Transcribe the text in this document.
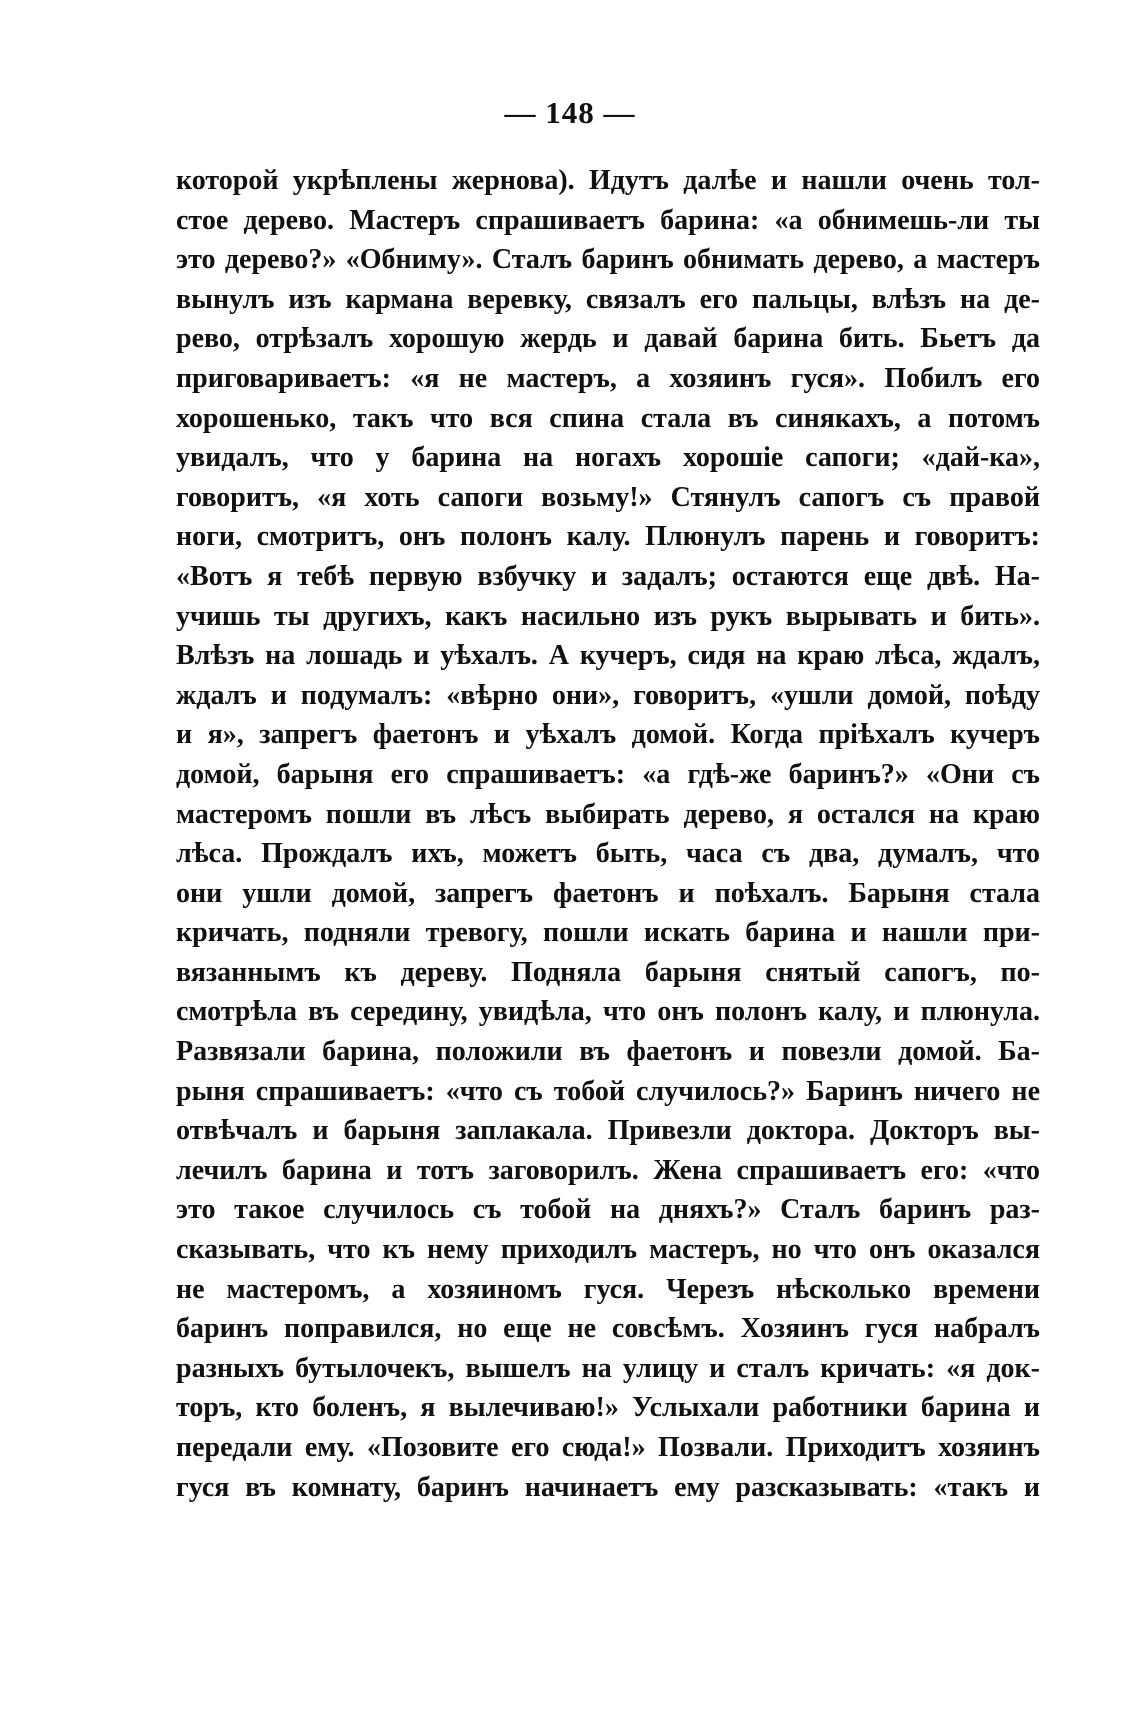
— 148 —
которой укрѣплены жернова). Идутъ далѣе и нашли очень тол-
стое дерево. Мастеръ спрашиваетъ барина: «а обнимешь-ли ты
это дерево?» «Обниму». Сталъ баринъ обнимать дерево, а мастеръ
вынулъ изъ кармана веревку, связалъ его пальцы, влѣзъ на де-
рево, отрѣзалъ хорошую жердь и давай барина бить. Бьетъ да
приговариваетъ: «я не мастеръ, а хозяинъ гуся». Побилъ его
хорошенько, такъ что вся спина стала въ синякахъ, а потомъ
увидалъ, что у барина на ногахъ хорошіе сапоги; «дай-ка»,
говоритъ, «я хоть сапоги возьму!» Стянулъ сапогъ съ правой
ноги, смотритъ, онъ полонъ калу. Плюнулъ парень и говоритъ:
«Вотъ я тебѣ первую взбучку и задалъ; остаются еще двѣ. На-
учишь ты другихъ, какъ насильно изъ рукъ вырывать и бить».
Влѣзъ на лошадь и уѣхалъ. А кучеръ, сидя на краю лѣса, ждалъ,
ждалъ и подумалъ: «вѣрно они», говоритъ, «ушли домой, поѣду
и я», запрегъ фаетонъ и уѣхалъ домой. Когда пріѣхалъ кучеръ
домой, барыня его спрашиваетъ: «а гдѣ-же баринъ?» «Они съ
мастеромъ пошли въ лѣсъ выбирать дерево, я остался на краю
лѣса. Прождалъ ихъ, можетъ быть, часа съ два, думалъ, что
они ушли домой, запрегъ фаетонъ и поѣхалъ. Барыня стала
кричать, подняли тревогу, пошли искать барина и нашли при-
вязаннымъ къ дереву. Подняла барыня снятый сапогъ, по-
смотрѣла въ середину, увидѣла, что онъ полонъ калу, и плюнула.
Развязали барина, положили въ фаетонъ и повезли домой. Ба-
рыня спрашиваетъ: «что съ тобой случилось?» Баринъ ничего не
отвѣчалъ и барыня заплакала. Привезли доктора. Докторъ вы-
лечилъ барина и тотъ заговорилъ. Жена спрашиваетъ его: «что
это такое случилось съ тобой на дняхъ?» Сталъ баринъ раз-
сказывать, что къ нему приходилъ мастеръ, но что онъ оказался
не мастеромъ, а хозяиномъ гуся. Черезъ нѣсколько времени
баринъ поправился, но еще не совсѣмъ. Хозяинъ гуся набралъ
разныхъ бутылочекъ, вышелъ на улицу и сталъ кричать: «я док-
торъ, кто боленъ, я вылечиваю!» Услыхали работники барина и
передали ему. «Позовите его сюда!» Позвали. Приходитъ хозяинъ
гуся въ комнату, баринъ начинаетъ ему разсказывать: «такъ и
